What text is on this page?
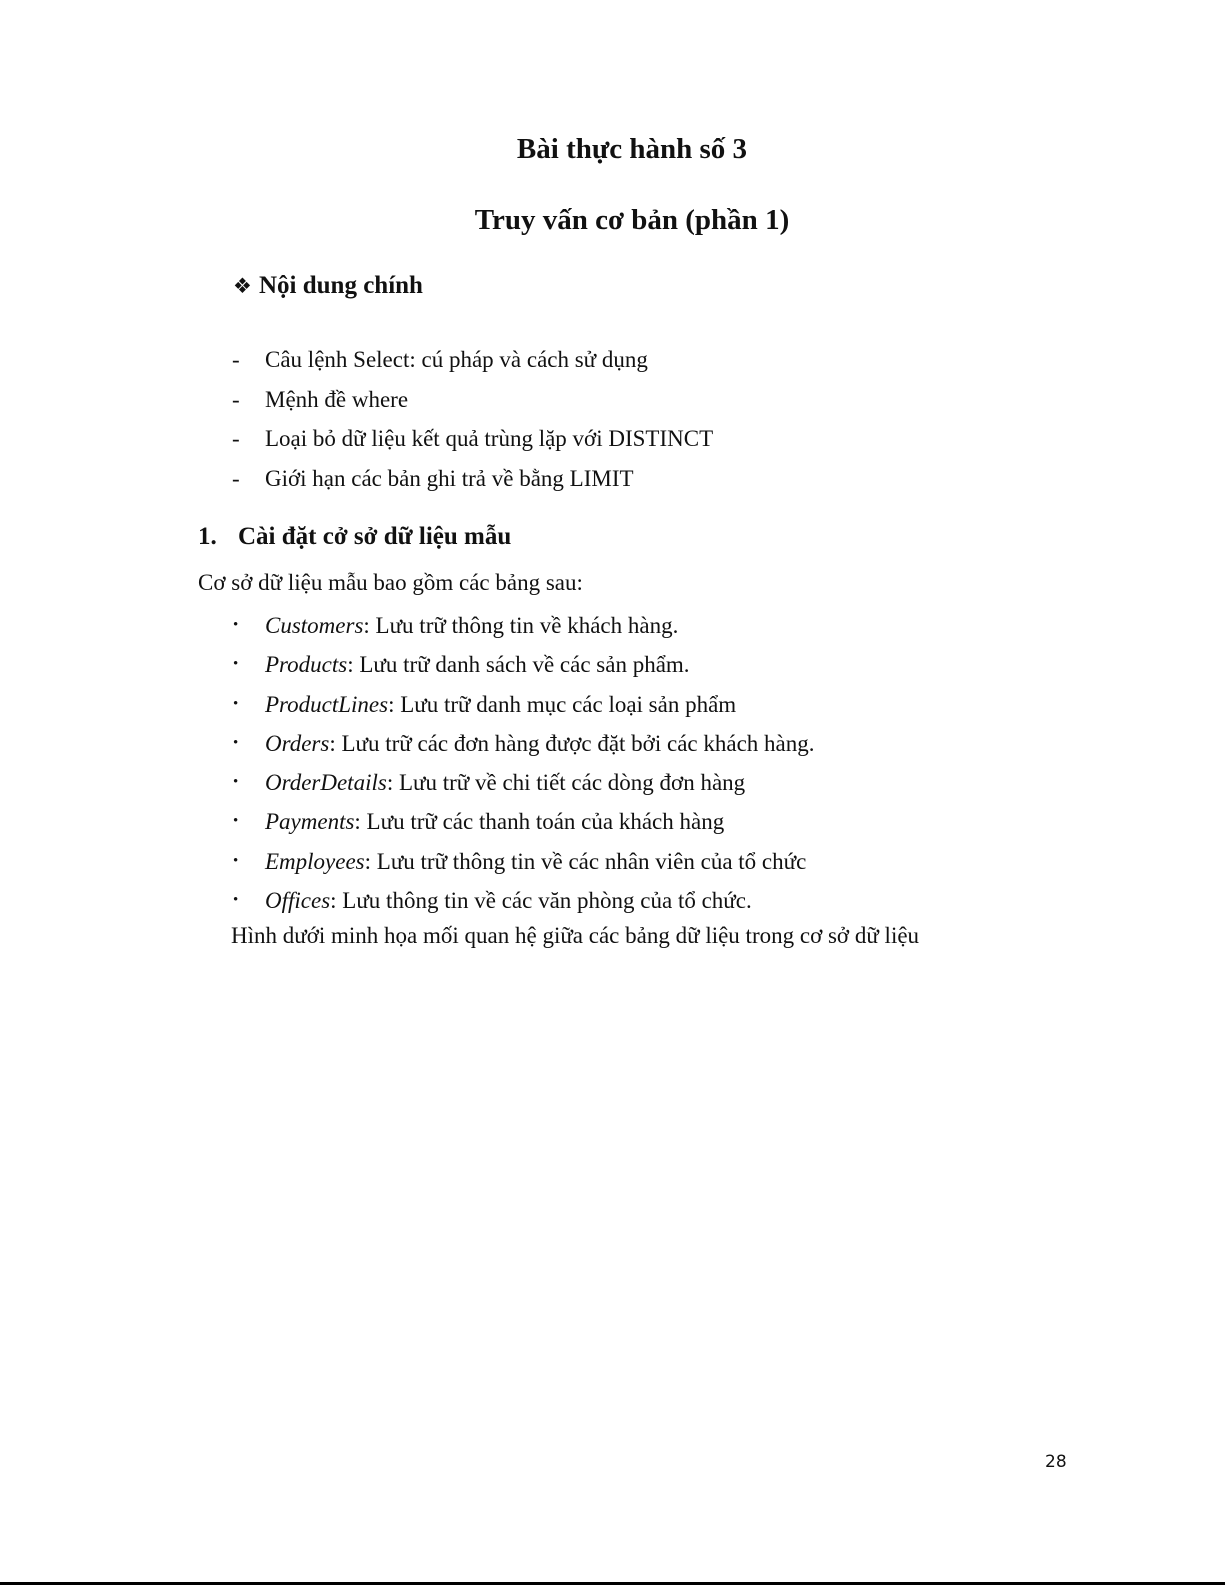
Bài thực hành số 3
Truy vấn cơ bản (phần 1)
❖ Nội dung chính
- Câu lệnh Select: cú pháp và cách sử dụng
- Mệnh đề where
- Loại bỏ dữ liệu kết quả trùng lặp với DISTINCT
- Giới hạn các bản ghi trả về bằng LIMIT
1. Cài đặt cở sở dữ liệu mẫu

Cơ sở dữ liệu mẫu bao gồm các bảng sau:

• Customers: Lưu trữ thông tin về khách hàng.
• Products: Lưu trữ danh sách về các sản phẩm.
• ProductLines: Lưu trữ danh mục các loại sản phẩm
• Orders: Lưu trữ các đơn hàng được đặt bởi các khách hàng.
• OrderDetails: Lưu trữ về chi tiết các dòng đơn hàng
• Payments: Lưu trữ các thanh toán của khách hàng
• Employees: Lưu trữ thông tin về các nhân viên của tổ chức
• Offices: Lưu thông tin về các văn phòng của tổ chức.

Hình dưới minh họa mối quan hệ giữa các bảng dữ liệu trong cơ sở dữ liệu

28
